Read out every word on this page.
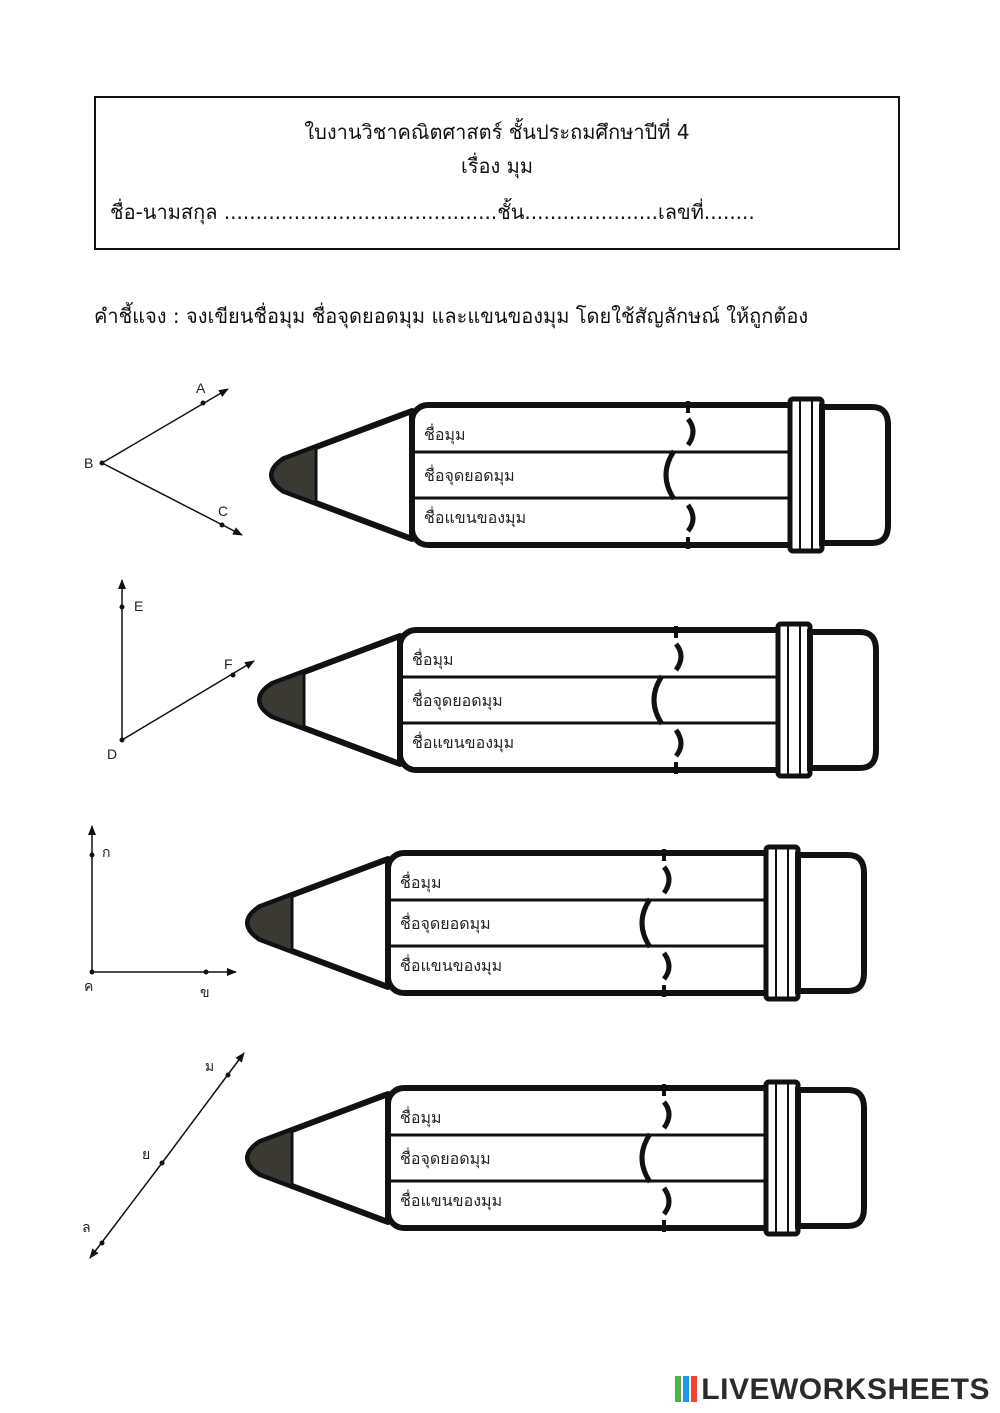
ใบงานวิชาคณิตศาสตร์ ชั้นประถมศึกษาปีที่ 4
เรื่อง มุม
ชื่อ-นามสกุล ...........................................ชั้น.....................เลขที่........
คำชี้แจง : จงเขียนชื่อมุม ชื่อจุดยอดมุม และแขนของมุม โดยใช้สัญลักษณ์ ให้ถูกต้อง
A
B
C
ชื่อมุม
ชื่อจุดยอดมุม
ชื่อแขนของมุม
E
D
F	ชื่อมุม
ชื่อจุดยอดมุม
ชื่อแขนของมุม
ก
ค	ข
ชื่อมุม
ชื่อจุดยอดมุม
ชื่อแขนของมุม
ม
ย
ล
ชื่อมุม
ชื่อจุดยอดมุม
ชื่อแขนของมุม
LIVEWORKSHEETS
